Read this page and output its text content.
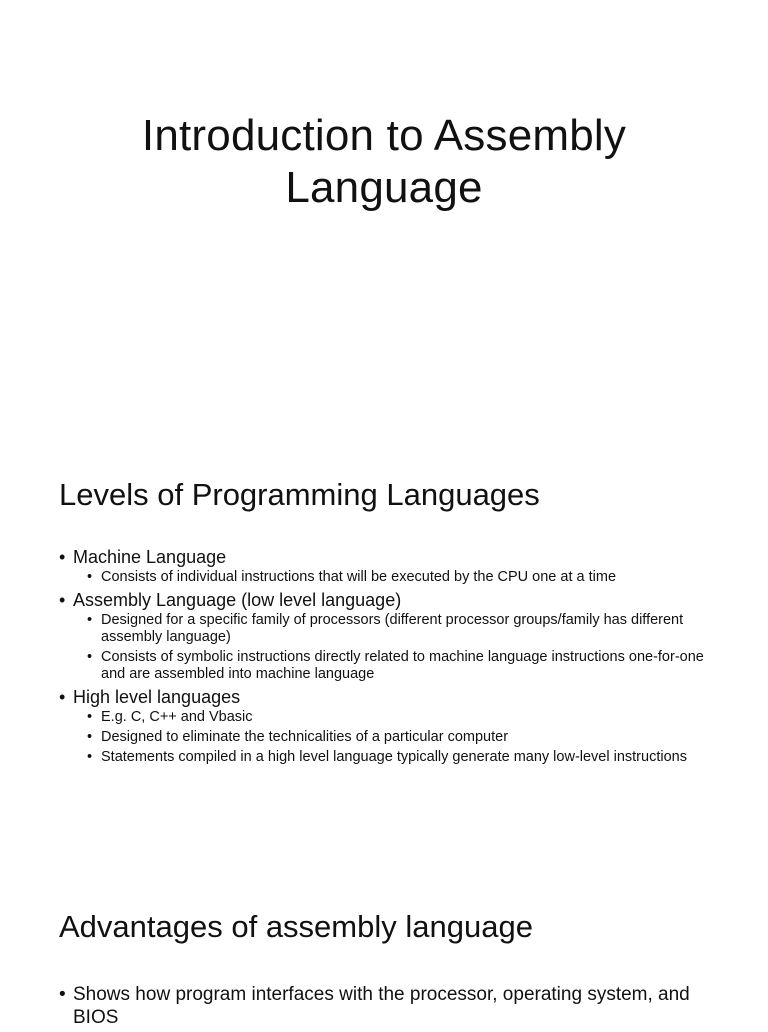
Introduction to Assembly Language
Levels of Programming Languages
• Machine Language
• Consists of individual instructions that will be executed by the CPU one at a time
• Assembly Language (low level language)
• Designed for a specific family of processors (different processor groups/family has different assembly language)
• Consists of symbolic instructions directly related to machine language instructions one-for-one and are assembled into machine language
• High level languages
• E.g. C, C++ and Vbasic
• Designed to eliminate the technicalities of a particular computer
• Statements compiled in a high level language typically generate many low-level instructions
Advantages of assembly language
• Shows how program interfaces with the processor, operating system, and BIOS
